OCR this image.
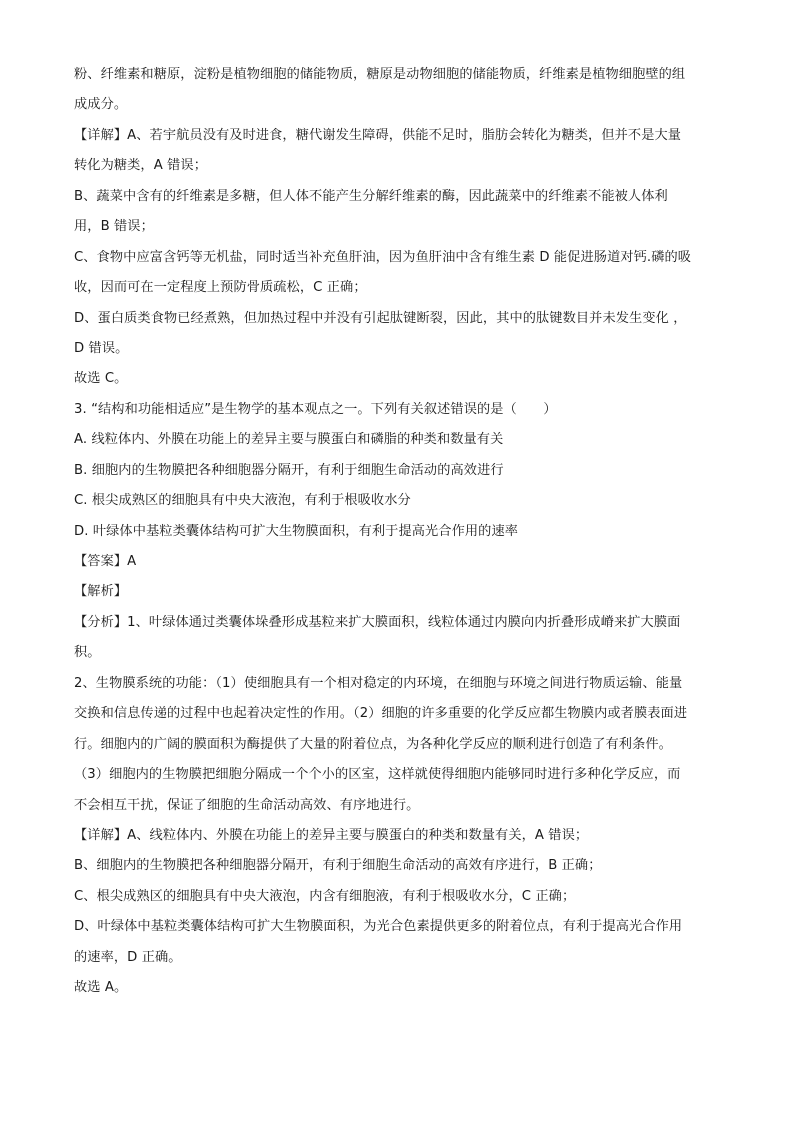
粉、纤维素和糖原，淀粉是植物细胞的储能物质，糖原是动物细胞的储能物质，纤维素是植物细胞壁的组
成成分。
【详解】A、若宇航员没有及时进食，糖代谢发生障碍，供能不足时，脂肪会转化为糖类，但并不是大量
转化为糖类，A 错误；
B、蔬菜中含有的纤维素是多糖，但人体不能产生分解纤维素的酶，因此蔬菜中的纤维素不能被人体利
用，B 错误；
C、食物中应富含钙等无机盐，同时适当补充鱼肝油，因为鱼肝油中含有维生素 D 能促进肠道对钙.磷的吸
收，因而可在一定程度上预防骨质疏松，C 正确；
D、蛋白质类食物已经煮熟，但加热过程中并没有引起肽键断裂，因此，其中的肽键数目并未发生变化 ，
D 错误。
故选 C。
3. “结构和功能相适应”是生物学的基本观点之一。下列有关叙述错误的是（　　）
A. 线粒体内、外膜在功能上的差异主要与膜蛋白和磷脂的种类和数量有关
B. 细胞内的生物膜把各种细胞器分隔开，有利于细胞生命活动的高效进行
C. 根尖成熟区的细胞具有中央大液泡，有利于根吸收水分
D. 叶绿体中基粒类囊体结构可扩大生物膜面积，有利于提高光合作用的速率
【答案】A
【解析】
【分析】1、叶绿体通过类囊体垛叠形成基粒来扩大膜面积，线粒体通过内膜向内折叠形成嵴来扩大膜面
积。
2、生物膜系统的功能：（1）使细胞具有一个相对稳定的内环境，在细胞与环境之间进行物质运输、能量
交换和信息传递的过程中也起着决定性的作用。（2）细胞的许多重要的化学反应都生物膜内或者膜表面进
行。细胞内的广阔的膜面积为酶提供了大量的附着位点，为各种化学反应的顺利进行创造了有利条件。
（3）细胞内的生物膜把细胞分隔成一个个小的区室，这样就使得细胞内能够同时进行多种化学反应，而
不会相互干扰，保证了细胞的生命活动高效、有序地进行。
【详解】A、线粒体内、外膜在功能上的差异主要与膜蛋白的种类和数量有关，A 错误；
B、细胞内的生物膜把各种细胞器分隔开，有利于细胞生命活动的高效有序进行，B 正确；
C、根尖成熟区的细胞具有中央大液泡，内含有细胞液，有利于根吸收水分，C 正确；
D、叶绿体中基粒类囊体结构可扩大生物膜面积，为光合色素提供更多的附着位点，有利于提高光合作用
的速率，D 正确。
故选 A。
